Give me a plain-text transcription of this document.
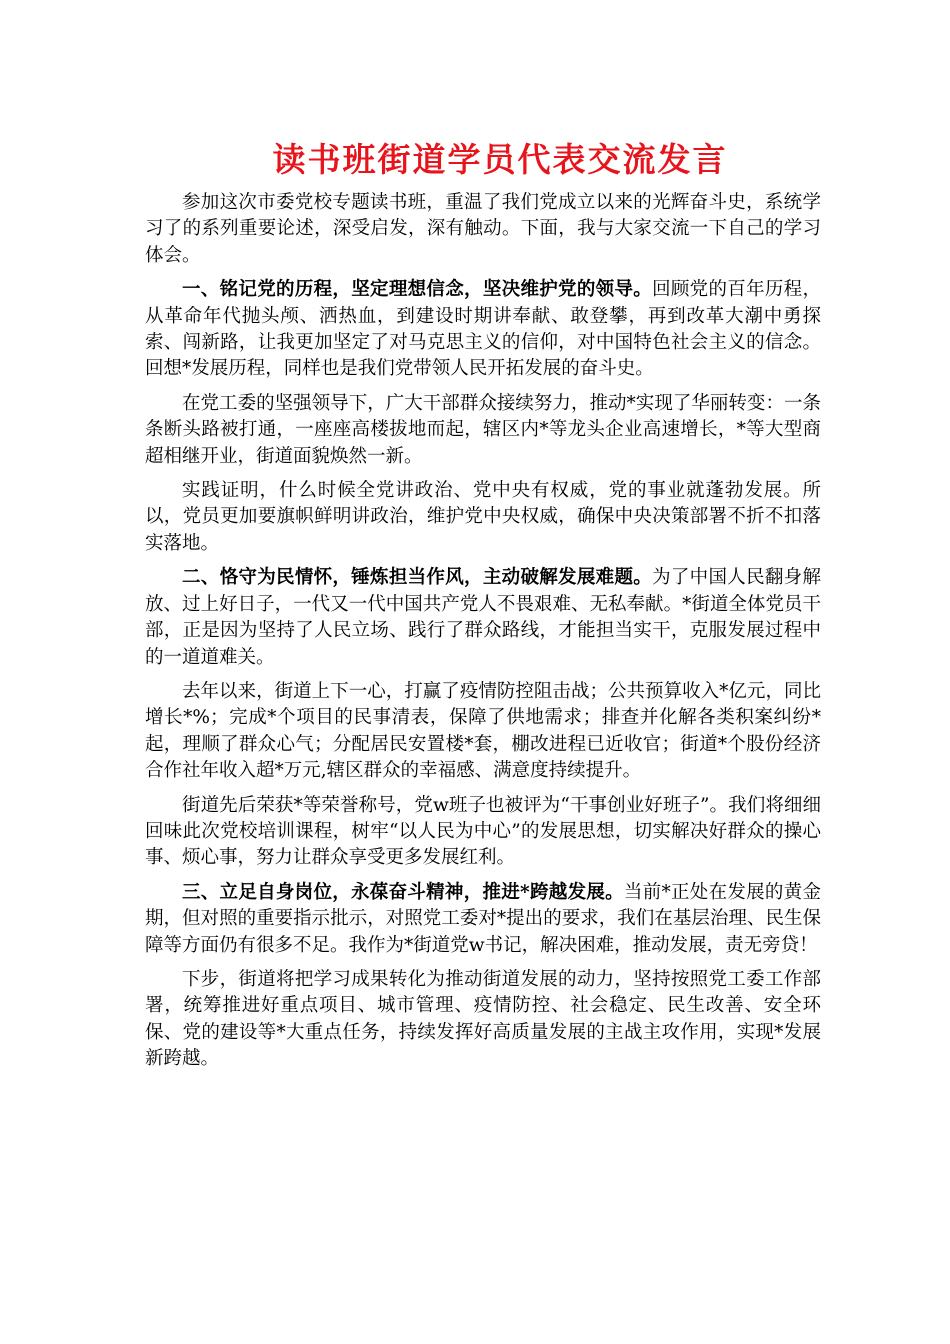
读书班街道学员代表交流发言

参加这次市委党校专题读书班，重温了我们党成立以来的光辉奋斗史，系统学习了的系列重要论述，深受启发，深有触动。下面，我与大家交流一下自己的学习体会。

一、铭记党的历程，坚定理想信念，坚决维护党的领导。回顾党的百年历程，从革命年代抛头颅、洒热血，到建设时期讲奉献、敢登攀，再到改革大潮中勇探索、闯新路，让我更加坚定了对马克思主义的信仰，对中国特色社会主义的信念。回想*发展历程，同样也是我们党带领人民开拓发展的奋斗史。

在党工委的坚强领导下，广大干部群众接续努力，推动*实现了华丽转变：一条条断头路被打通，一座座高楼拔地而起，辖区内*等龙头企业高速增长，*等大型商超相继开业，街道面貌焕然一新。

实践证明，什么时候全党讲政治、党中央有权威，党的事业就蓬勃发展。所以，党员更加要旗帜鲜明讲政治，维护党中央权威，确保中央决策部署不折不扣落实落地。

二、恪守为民情怀，锤炼担当作风，主动破解发展难题。为了中国人民翻身解放、过上好日子，一代又一代中国共产党人不畏艰难、无私奉献。*街道全体党员干部，正是因为坚持了人民立场、践行了群众路线，才能担当实干，克服发展过程中的一道道难关。

去年以来，街道上下一心，打赢了疫情防控阻击战；公共预算收入*亿元，同比增长*%；完成*个项目的民事清表，保障了供地需求；排查并化解各类积案纠纷*起，理顺了群众心气；分配居民安置楼*套，棚改进程已近收官；街道*个股份经济合作社年收入超*万元,辖区群众的幸福感、满意度持续提升。

街道先后荣获*等荣誉称号，党w班子也被评为“干事创业好班子”。我们将细细回味此次党校培训课程，树牢“以人民为中心”的发展思想，切实解决好群众的操心事、烦心事，努力让群众享受更多发展红利。

三、立足自身岗位，永葆奋斗精神，推进*跨越发展。当前*正处在发展的黄金期，但对照的重要指示批示，对照党工委对*提出的要求，我们在基层治理、民生保障等方面仍有很多不足。我作为*街道党w书记，解决困难，推动发展，责无旁贷！

下步，街道将把学习成果转化为推动街道发展的动力，坚持按照党工委工作部署，统筹推进好重点项目、城市管理、疫情防控、社会稳定、民生改善、安全环保、党的建设等*大重点任务，持续发挥好高质量发展的主战主攻作用，实现*发展新跨越。
